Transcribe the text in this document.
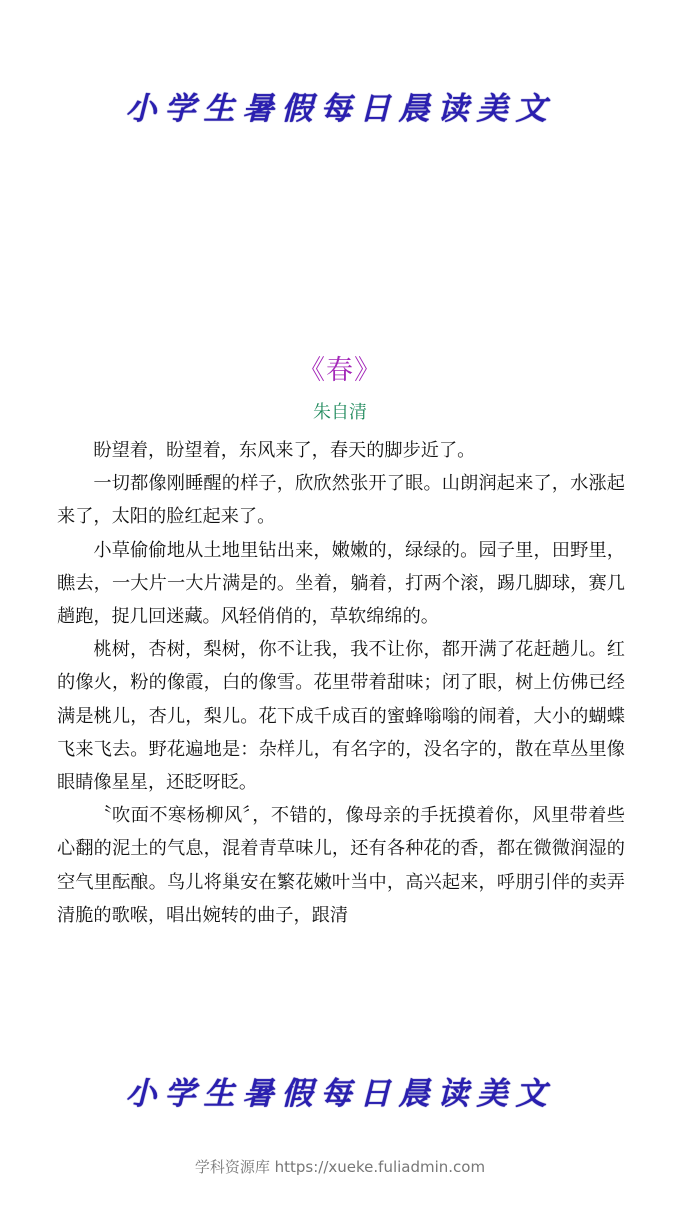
小学生暑假每日晨读美文
《春》
朱自清

盼望着，盼望着，东风来了，春天的脚步近了。

一切都像刚睡醒的样子，欣欣然张开了眼。山朗润起来了，水涨起来了，太阳的脸红起来了。

小草偷偷地从土地里钻出来，嫩嫩的，绿绿的。园子里，田野里，瞧去，一大片一大片满是的。坐着，躺着，打两个滚，踢几脚球，赛几趟跑，捉几回迷藏。风轻俏俏的，草软绵绵的。

桃树，杏树，梨树，你不让我，我不让你，都开满了花赶趟儿。红的像火，粉的像霞，白的像雪。花里带着甜味；闭了眼，树上仿佛已经满是桃儿，杏儿，梨儿。花下成千成百的蜜蜂嗡嗡的闹着，大小的蝴蝶飞来飞去。野花遍地是：杂样儿，有名字的，没名字的，散在草丛里像眼睛像星星，还眨呀眨。

〝吹面不寒杨柳风〞，不错的，像母亲的手抚摸着你，风里带着些心翻的泥土的气息，混着青草味儿，还有各种花的香，都在微微润湿的空气里酝酿。鸟儿将巢安在繁花嫩叶当中，高兴起来，呼朋引伴的卖弄清脆的歌喉，唱出婉转的曲子，跟清

小学生暑假每日晨读美文
学科资源库 https://xueke.fuliadmin.com
